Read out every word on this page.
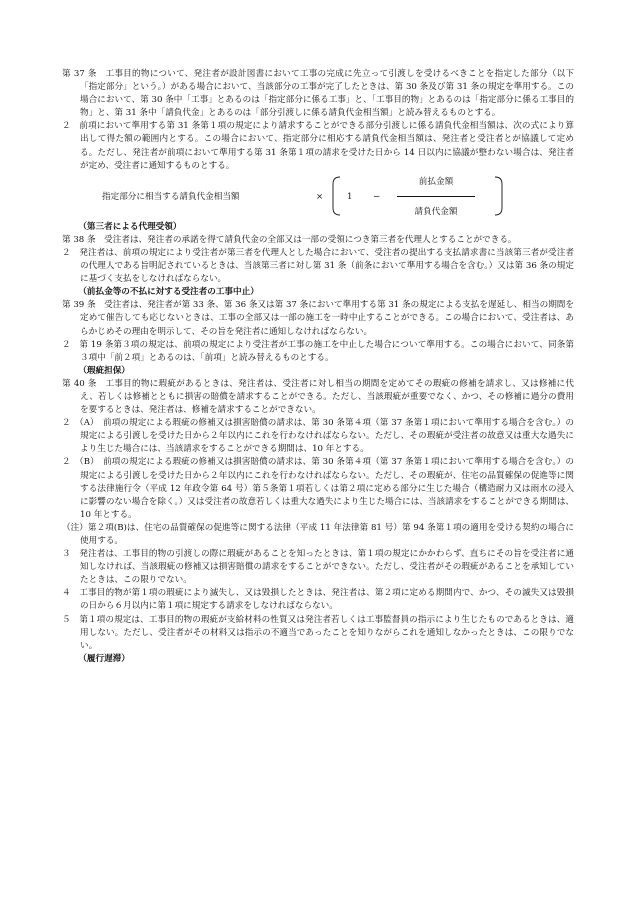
第 37 条　工事目的物について、発注者が設計図書において工事の完成に先立って引渡しを受けるべきことを指定した部分（以下「指定部分」という。）がある場合において、当該部分の工事が完了したときは、第 30 条及び第 31 条の規定を準用する。この場合において、第 30 条中「工事」とあるのは「指定部分に係る工事」と、「工事目的物」とあるのは「指定部分に係る工事目的物」と、第 31 条中「請負代金」とあるのは「部分引渡しに係る請負代金相当額」と読み替えるものとする。

２　前項において準用する第 31 条第１項の規定により請求することができる部分引渡しに係る請負代金相当額は、次の式により算出して得た額の範囲内とする。この場合において、指定部分に相応する請負代金相当額は、発注者と受注者とが協議して定める。ただし、発注者が前項において準用する第 31 条第１項の請求を受けた日から 14 日以内に協議が整わない場合は、発注者が定め、受注者に通知するものとする。

指定部分に相当する請負代金相当額	×	1 −
前払金額
請負代金額

（第三者による代理受領）

第 38 条　受注者は、発注者の承諾を得て請負代金の全部又は一部の受領につき第三者を代理人とすることができる。

２　発注者は、前項の規定により受注者が第三者を代理人とした場合において、受注者の提出する支払請求書に当該第三者が受注者の代理人である旨明記されているときは、当該第三者に対し第 31 条（前条において準用する場合を含む。）又は第 36 条の規定に基づく支払をしなければならない。

（前払金等の不払に対する受注者の工事中止）

第 39 条　受注者は、発注者が第 33 条、第 36 条又は第 37 条において準用する第 31 条の規定による支払を遅延し、相当の期間を定めて催告しても応じないときは、工事の全部又は一部の施工を一時中止することができる。この場合において、受注者は、あらかじめその理由を明示して、その旨を発注者に通知しなければならない。

２　第 19 条第３項の規定は、前項の規定により受注者が工事の施工を中止した場合について準用する。この場合において、同条第３項中「前２項」とあるのは、「前項」と読み替えるものとする。

（瑕疵担保）

第 40 条　工事目的物に瑕疵があるときは、発注者は、受注者に対し相当の期間を定めてその瑕疵の修補を請求し、又は修補に代え、若しくは修補とともに損害の賠償を請求することができる。ただし、当該瑕疵が重要でなく、かつ、その修補に過分の費用を要するときは、発注者は、修補を請求することができない。

２　（A）　前項の規定による瑕疵の修補又は損害賠償の請求は、第 30 条第４項（第 37 条第１項において準用する場合を含む。）の規定による引渡しを受けた日から２年以内にこれを行わなければならない。ただし、その瑕疵が受注者の故意又は重大な過失により生じた場合には、当該請求をすることができる期間は、10 年とする。

２　（B）　前項の規定による瑕疵の修補又は損害賠償の請求は、第 30 条第４項（第 37 条第１項において準用する場合を含む。）の規定による引渡しを受けた日から２年以内にこれを行わなければならない。ただし、その瑕疵が、住宅の品質確保の促進等に関する法律施行令（平成 12 年政令第 64 号）第５条第１項若しくは第２項に定める部分に生じた場合（構造耐力又は雨水の浸入に影響のない場合を除く。）又は受注者の故意若しくは重大な過失により生じた場合には、当該請求をすることができる期間は、10 年とする。

（注）第２項(B)は、住宅の品質確保の促進等に関する法律（平成 11 年法律第 81 号）第 94 条第１項の適用を受ける契約の場合に使用する。

３　発注者は、工事目的物の引渡しの際に瑕疵があることを知ったときは、第１項の規定にかかわらず、直ちにその旨を受注者に通知しなければ、当該瑕疵の修補又は損害賠償の請求をすることができない。ただし、受注者がその瑕疵があることを承知していたときは、この限りでない。

４　工事目的物が第１項の瑕疵により滅失し、又は毀損したときは、発注者は、第２項に定める期間内で、かつ、その滅失又は毀損の日から６月以内に第１項に規定する請求をしなければならない。

５　第１項の規定は、工事目的物の瑕疵が支給材料の性質又は発注者若しくは工事監督員の指示により生じたものであるときは、適用しない。ただし、受注者がその材料又は指示の不適当であったことを知りながらこれを通知しなかったときは、この限りでない。

（履行遅滞）
